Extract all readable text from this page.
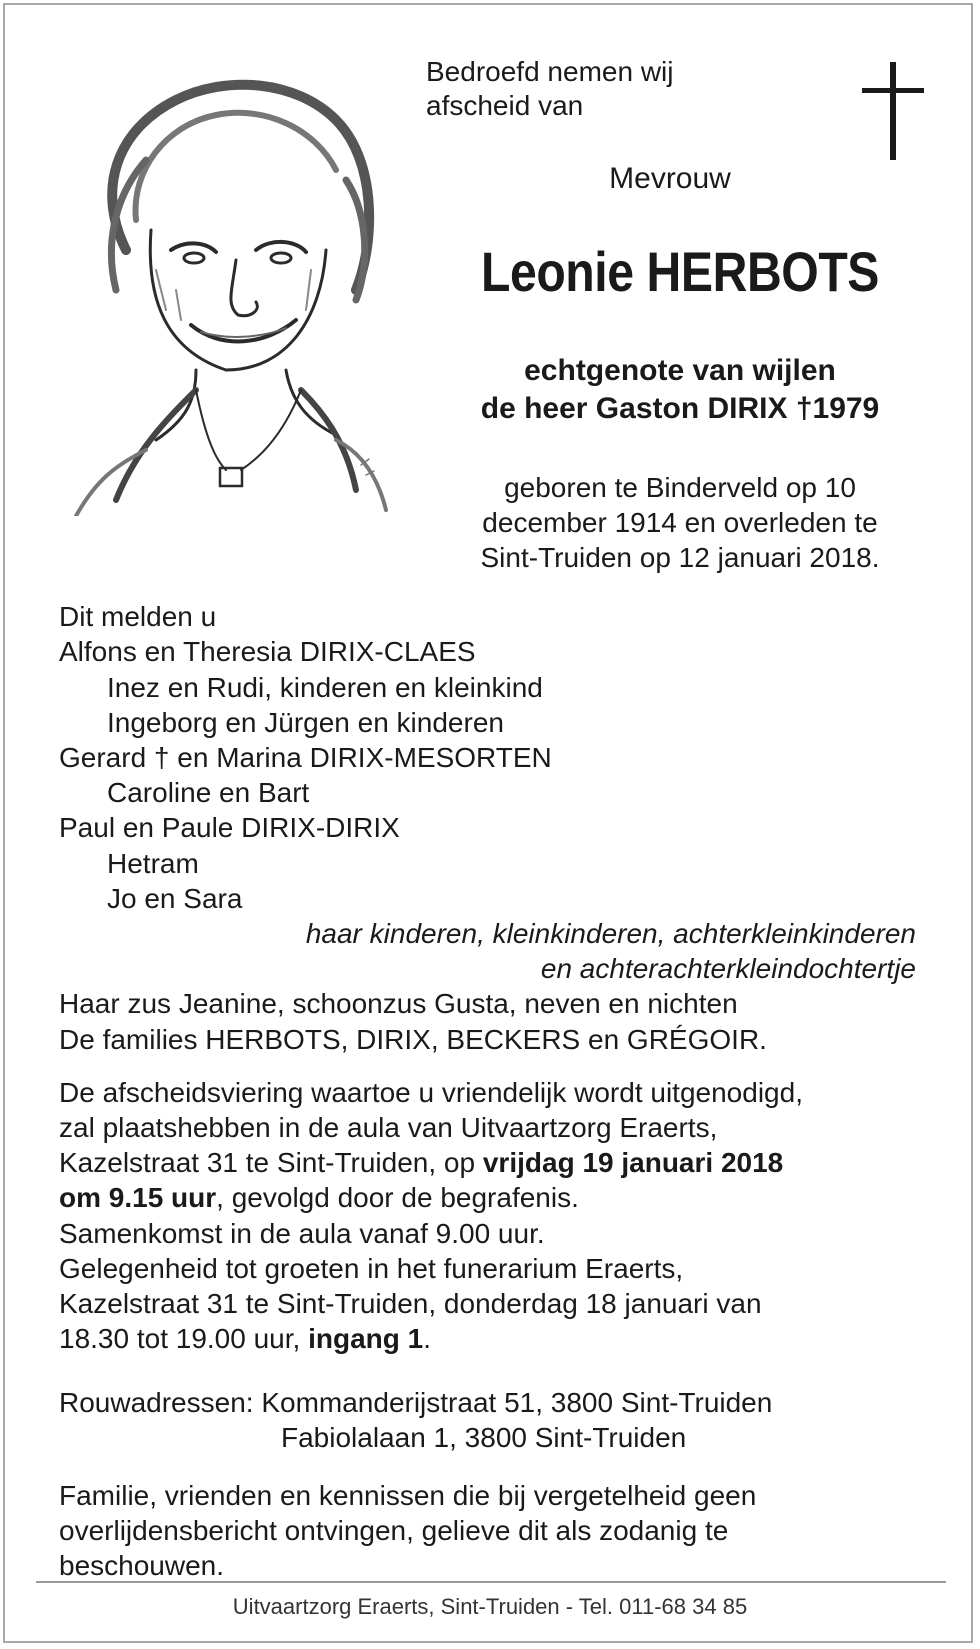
Bedroefd nemen wij
afscheid van
Mevrouw
Leonie HERBOTS
echtgenote van wijlen
de heer Gaston DIRIX †1979
geboren te Binderveld op 10
december 1914 en overleden te
Sint-Truiden op 12 januari 2018.
Dit melden u
Alfons en Theresia DIRIX-CLAES
Inez en Rudi, kinderen en kleinkind
Ingeborg en Jürgen en kinderen
Gerard † en Marina DIRIX-MESORTEN
Caroline en Bart
Paul en Paule DIRIX-DIRIX
Hetram
Jo en Sara
haar kinderen, kleinkinderen, achterkleinkinderen
en achterachterkleindochtertje
Haar zus Jeanine, schoonzus Gusta, neven en nichten
De families HERBOTS, DIRIX, BECKERS en GRÉGOIR.
De afscheidsviering waartoe u vriendelijk wordt uitgenodigd,
zal plaatshebben in de aula van Uitvaartzorg Eraerts,
Kazelstraat 31 te Sint-Truiden, op vrijdag 19 januari 2018
om 9.15 uur, gevolgd door de begrafenis.
Samenkomst in de aula vanaf 9.00 uur.
Gelegenheid tot groeten in het funerarium Eraerts,
Kazelstraat 31 te Sint-Truiden, donderdag 18 januari van
18.30 tot 19.00 uur, ingang 1.
Rouwadressen: Kommanderijstraat 51, 3800 Sint-Truiden
Fabiolalaan 1, 3800 Sint-Truiden
Familie, vrienden en kennissen die bij vergetelheid geen
overlijdensbericht ontvingen, gelieve dit als zodanig te
beschouwen.
Uitvaartzorg Eraerts, Sint-Truiden - Tel. 011-68 34 85
